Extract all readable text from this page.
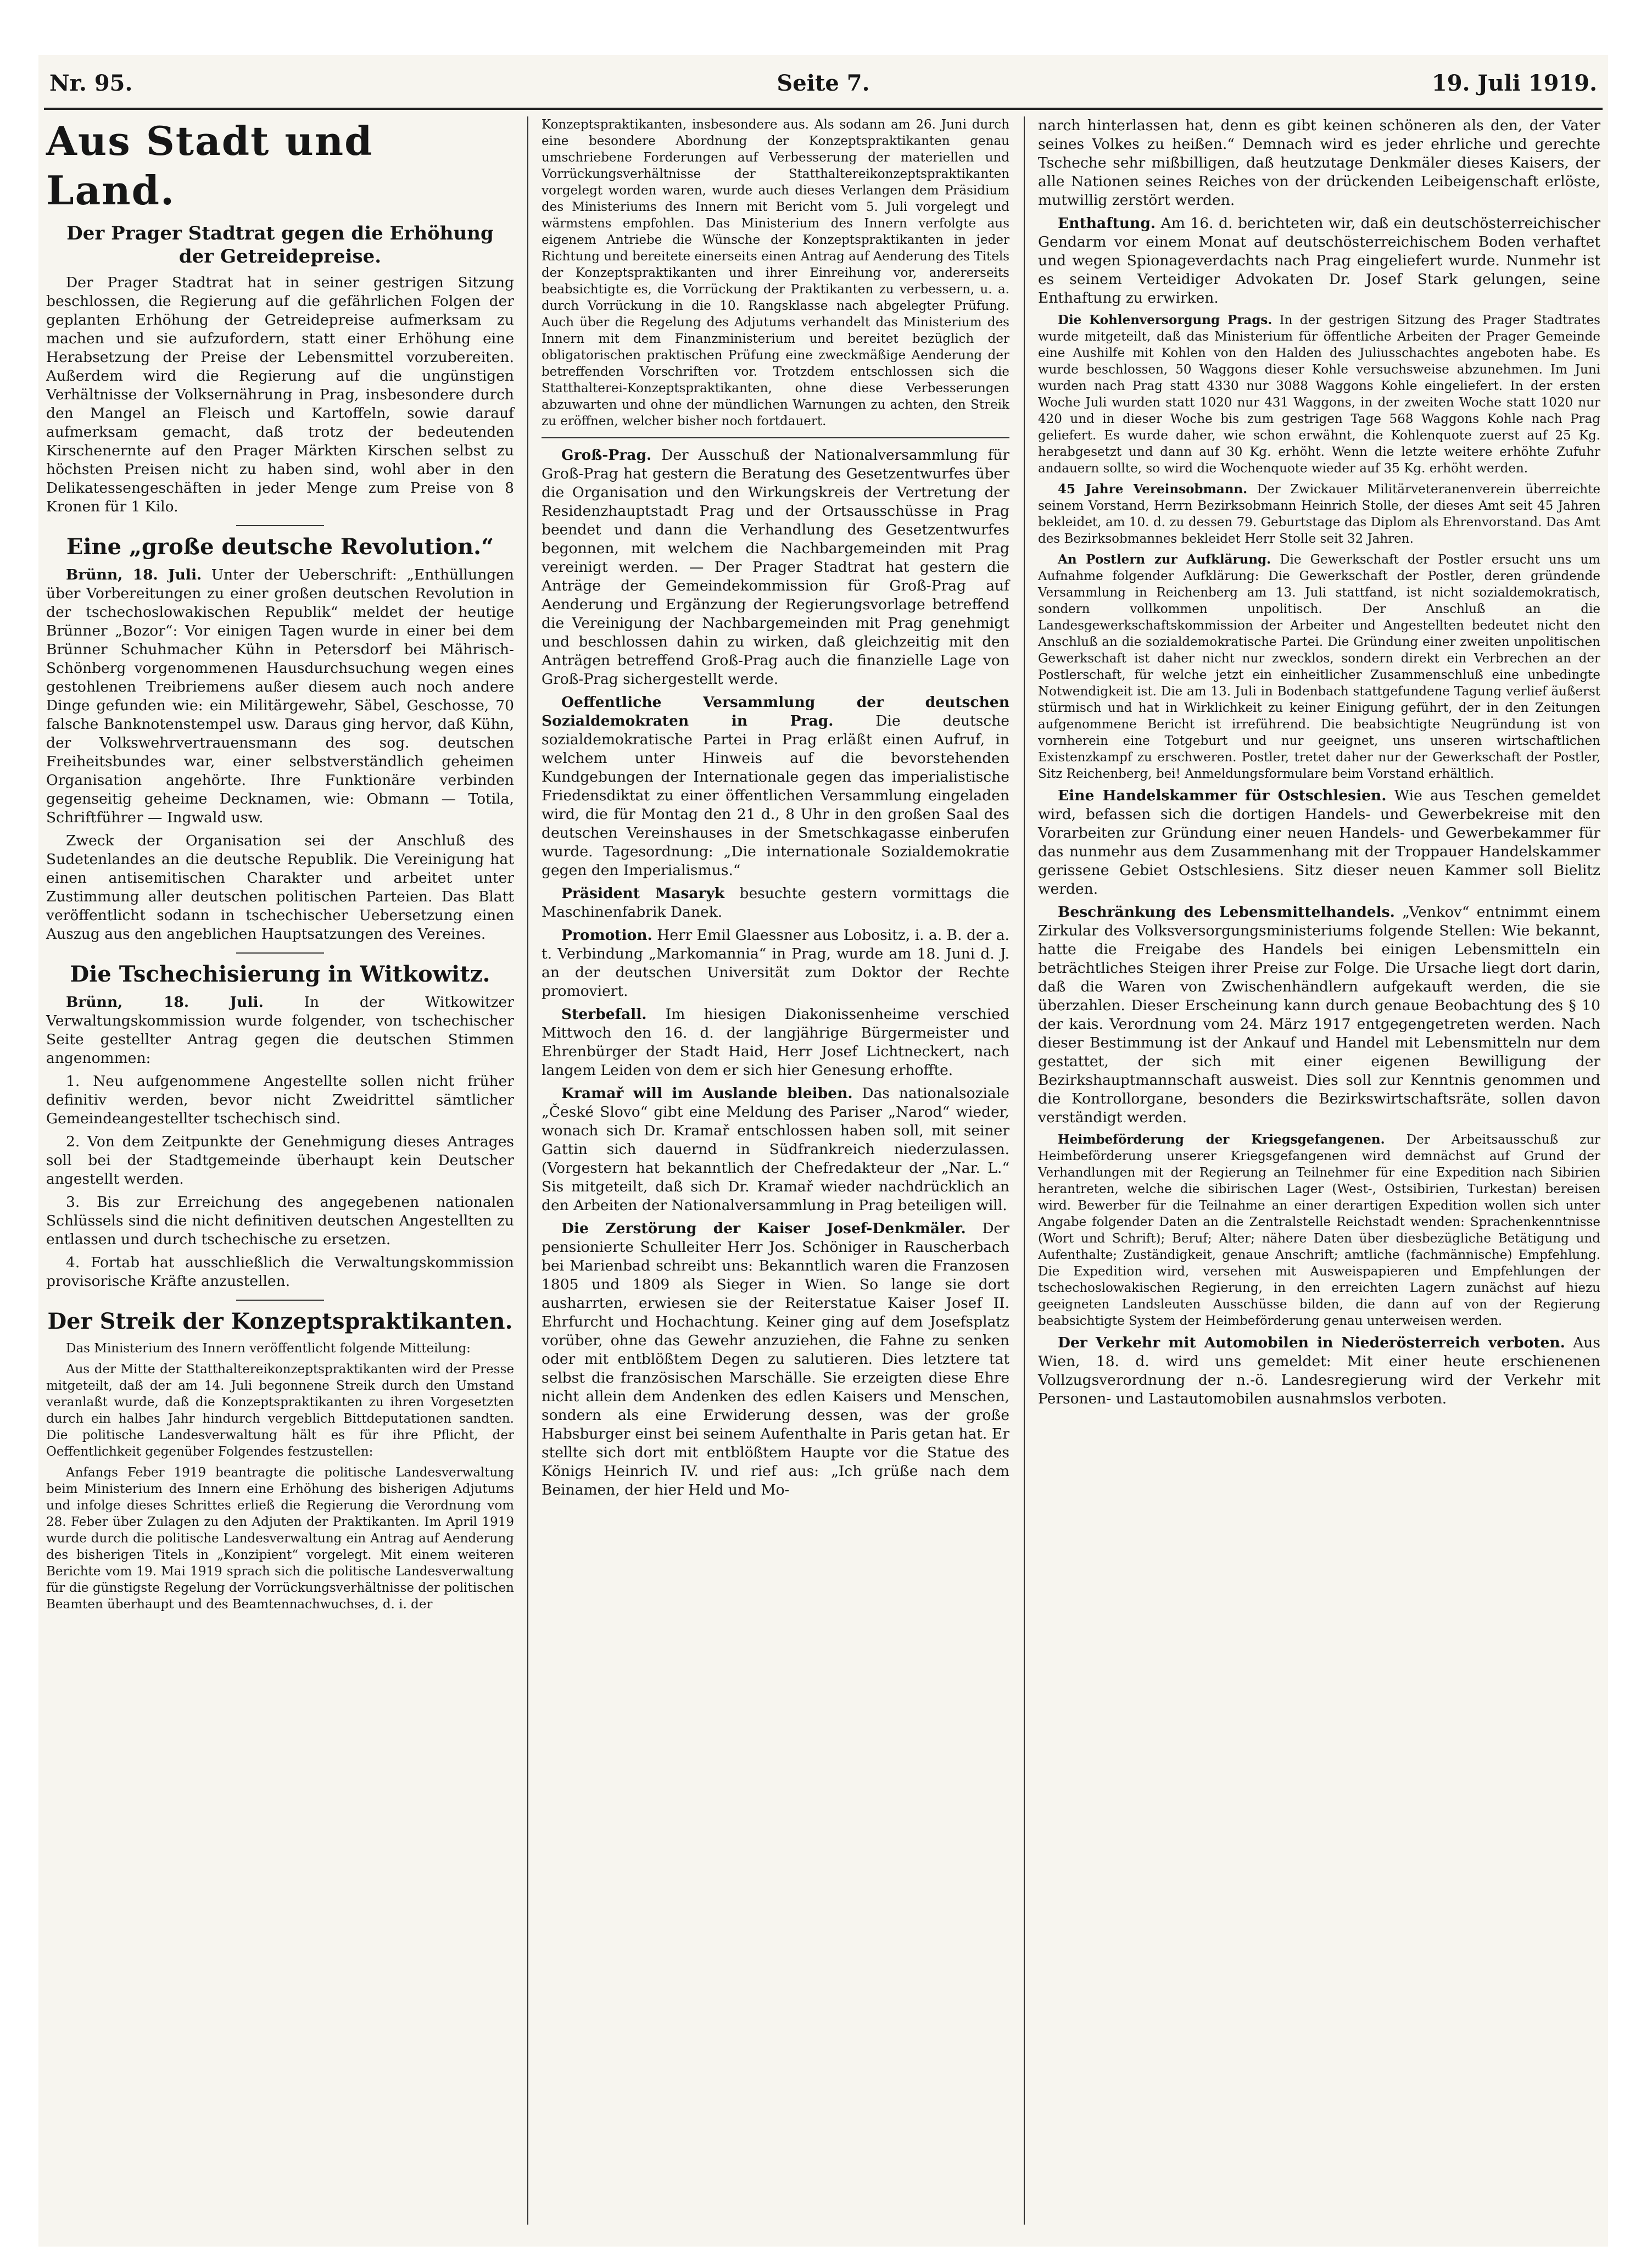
Nr. 95.	Seite 7.	19. Juli 1919.
Aus Stadt und Land.
Der Prager Stadtrat gegen die Erhöhung der Getreidepreise.

Der Prager Stadtrat hat in seiner gestrigen Sitzung beschlossen, die Regierung auf die gefährlichen Folgen der geplanten Erhöhung der Getreidepreise aufmerksam zu machen und sie aufzufordern, statt einer Erhöhung eine Herabsetzung der Preise der Lebensmittel vorzubereiten. Außerdem wird die Regierung auf die ungünstigen Verhältnisse der Volksernährung in Prag, insbesondere durch den Mangel an Fleisch und Kartoffeln, sowie darauf aufmerksam gemacht, daß trotz der bedeutenden Kirschenernte auf den Prager Märkten Kirschen selbst zu höchsten Preisen nicht zu haben sind, wohl aber in den Delikatessengeschäften in jeder Menge zum Preise von 8 Kronen für 1 Kilo.

Eine „große deutsche Revolution.“

Brünn, 18. Juli. Unter der Ueberschrift: „Enthüllungen über Vorbereitungen zu einer großen deutschen Revolution in der tschechoslowakischen Republik“ meldet der heutige Brünner „Bozor“: Vor einigen Tagen wurde in einer bei dem Brünner Schuhmacher Kühn in Petersdorf bei Mährisch-Schönberg vorgenommenen Hausdurchsuchung wegen eines gestohlenen Treibriemens außer diesem auch noch andere Dinge gefunden wie: ein Militärgewehr, Säbel, Geschosse, 70 falsche Banknotenstempel usw. Daraus ging hervor, daß Kühn, der Volkswehrvertrauensmann des sog. deutschen Freiheitsbundes war, einer selbstverständlich geheimen Organisation angehörte. Ihre Funktionäre verbinden gegenseitig geheime Decknamen, wie: Obmann — Totila, Schriftführer — Ingwald usw.

Zweck der Organisation sei der Anschluß des Sudetenlandes an die deutsche Republik. Die Vereinigung hat einen antisemitischen Charakter und arbeitet unter Zustimmung aller deutschen politischen Parteien. Das Blatt veröffentlicht sodann in tschechischer Uebersetzung einen Auszug aus den angeblichen Hauptsatzungen des Vereines.

Die Tschechisierung in Witkowitz.

Brünn, 18. Juli.	In der Witkowitzer Verwaltungskommission wurde folgender, von tschechischer Seite gestellter Antrag gegen die deutschen Stimmen angenommen:

1. Neu aufgenommene Angestellte sollen nicht früher definitiv werden, bevor nicht Zweidrittel sämtlicher Gemeindeangestellter tschechisch sind.

2. Von dem Zeitpunkte der Genehmigung dieses Antrages soll bei der Stadtgemeinde überhaupt kein Deutscher angestellt werden.

3. Bis zur Erreichung des angegebenen nationalen Schlüssels sind die nicht definitiven deutschen Angestellten zu entlassen und durch tschechische zu ersetzen.

4. Fortab hat ausschließlich die Verwaltungskommission provisorische Kräfte anzustellen.

Der Streik der Konzeptspraktikanten.

Das Ministerium des Innern veröffentlicht folgende Mitteilung:

Aus der Mitte der Statthaltereikonzeptspraktikanten wird der Presse mitgeteilt, daß der am 14. Juli begonnene Streik durch den Umstand veranlaßt wurde, daß die Konzeptspraktikanten zu ihren Vorgesetzten durch ein halbes Jahr hindurch vergeblich Bittdeputationen sandten. Die politische Landesverwaltung hält es für ihre Pflicht, der Oeffentlichkeit gegenüber Folgendes festzustellen:

Anfangs Feber 1919 beantragte die politische Landesverwaltung beim Ministerium des Innern eine Erhöhung des bisherigen Adjutums und infolge dieses Schrittes erließ die Regierung die Verordnung vom 28. Feber über Zulagen zu den Adjuten der Praktikanten. Im April 1919 wurde durch die politische Landesverwaltung ein Antrag auf Aenderung des bisherigen Titels in „Konzipient“ vorgelegt. Mit einem weiteren Berichte vom 19. Mai 1919 sprach sich die politische Landesverwaltung für die günstigste Regelung der Vorrückungsverhältnisse der politischen Beamten überhaupt und des Beamtennachwuchses, d. i. der

Konzeptspraktikanten, insbesondere aus. Als sodann am 26. Juni durch eine besondere Abordnung der Konzeptspraktikanten genau umschriebene Forderungen auf Verbesserung der materiellen und Vorrückungsverhältnisse der Statthaltereikonzeptspraktikanten vorgelegt worden waren, wurde auch dieses Verlangen dem Präsidium des Ministeriums des Innern mit Bericht vom 5. Juli vorgelegt und wärmstens empfohlen. Das Ministerium des Innern verfolgte aus eigenem Antriebe die Wünsche der Konzeptspraktikanten in jeder Richtung und bereitete einerseits einen Antrag auf Aenderung des Titels der Konzeptspraktikanten und ihrer Einreihung vor, andererseits beabsichtigte es, die Vorrückung der Praktikanten zu verbessern, u. a. durch Vorrückung in die 10. Rangsklasse nach abgelegter Prüfung. Auch über die Regelung des Adjutums verhandelt das Ministerium des Innern mit dem Finanzministerium und bereitet bezüglich der obligatorischen praktischen Prüfung eine zweckmäßige Aenderung der betreffenden Vorschriften vor. Trotzdem entschlossen sich die Statthalterei-Konzeptspraktikanten, ohne diese Verbesserungen abzuwarten und ohne der mündlichen Warnungen zu achten, den Streik zu eröffnen, welcher bisher noch fortdauert.

Groß-Prag. Der Ausschuß der Nationalversammlung für Groß-Prag hat gestern die Beratung des Gesetzentwurfes über die Organisation und den Wirkungskreis der Vertretung der Residenzhauptstadt Prag und der Ortsausschüsse in Prag beendet und dann die Verhandlung des Gesetzentwurfes begonnen, mit welchem die Nachbargemeinden mit Prag vereinigt werden. — Der Prager Stadtrat hat gestern die Anträge der Gemeindekommission für Groß-Prag auf Aenderung und Ergänzung der Regierungsvorlage betreffend die Vereinigung der Nachbargemeinden mit Prag genehmigt und beschlossen dahin zu wirken, daß gleichzeitig mit den Anträgen betreffend Groß-Prag auch die finanzielle Lage von Groß-Prag sichergestellt werde.

Oeffentliche Versammlung der deutschen Sozialdemokraten in Prag.	Die deutsche sozialdemokratische Partei in Prag erläßt einen Aufruf, in welchem unter Hinweis auf die bevorstehenden Kundgebungen der Internationale gegen das imperialistische Friedensdiktat zu einer öffentlichen Versammlung eingeladen wird, die für Montag den 21 d., 8 Uhr in den großen Saal des deutschen Vereinshauses in der Smetschkagasse einberufen wurde. Tagesordnung: „Die internationale Sozialdemokratie gegen den Imperialismus.“

Präsident Masaryk besuchte gestern vormittags die Maschinenfabrik Danek.

Promotion. Herr Emil Glaessner aus Lobositz, i. a. B. der a. t. Verbindung „Markomannia“ in Prag, wurde am 18. Juni d. J. an der deutschen Universität zum Doktor der Rechte promoviert.

Sterbefall. Im hiesigen Diakonissenheime verschied Mittwoch den 16. d. der langjährige Bürgermeister und Ehrenbürger der Stadt Haid, Herr Josef Lichtneckert, nach langem Leiden von dem er sich hier Genesung erhoffte.

Kramař will im Auslande bleiben. Das nationalsoziale „České Slovo“ gibt eine Meldung des Pariser „Narod“ wieder, wonach sich Dr. Kramař entschlossen haben soll, mit seiner Gattin sich dauernd in Südfrankreich niederzulassen. (Vorgestern hat bekanntlich der Chefredakteur der „Nar. L.“ Sis mitgeteilt, daß sich Dr. Kramař wieder nachdrücklich an den Arbeiten der Nationalversammlung in Prag beteiligen will.

Die Zerstörung der Kaiser Josef-Denkmäler. Der pensionierte Schulleiter Herr Jos. Schöniger in Rauscherbach bei Marienbad schreibt uns: Bekanntlich waren die Franzosen 1805 und 1809 als Sieger in Wien. So lange sie dort ausharrten, erwiesen sie der Reiterstatue Kaiser Josef II. Ehrfurcht und Hochachtung. Keiner ging auf dem Josefsplatz vorüber, ohne das Gewehr anzuziehen, die Fahne zu senken oder mit entblößtem Degen zu salutieren. Dies letztere tat selbst die französischen Marschälle. Sie erzeigten diese Ehre nicht allein dem Andenken des edlen Kaisers und Menschen, sondern als eine Erwiderung dessen, was der große Habsburger einst bei seinem Aufenthalte in Paris getan hat. Er stellte sich dort mit entblößtem Haupte vor die Statue des Königs Heinrich IV. und rief aus: „Ich grüße nach dem Beinamen, der hier Held und Mo-

narch hinterlassen hat, denn es gibt keinen schöneren als den, der Vater seines Volkes zu heißen.“ Demnach wird es jeder ehrliche und gerechte Tscheche sehr mißbilligen, daß heutzutage Denkmäler dieses Kaisers, der alle Nationen seines Reiches von der drückenden Leibeigenschaft erlöste, mutwillig zerstört werden.

Enthaftung. Am 16. d. berichteten wir, daß ein deutschösterreichischer Gendarm vor einem Monat auf deutschösterreichischem Boden verhaftet und wegen Spionageverdachts nach Prag eingeliefert wurde. Nunmehr ist es seinem Verteidiger Advokaten Dr. Josef Stark gelungen, seine Enthaftung zu erwirken.

Die Kohlenversorgung Prags. In der gestrigen Sitzung des Prager Stadtrates wurde mitgeteilt, daß das Ministerium für öffentliche Arbeiten der Prager Gemeinde eine Aushilfe mit Kohlen von den Halden des Juliusschachtes angeboten habe. Es wurde beschlossen, 50 Waggons dieser Kohle versuchsweise abzunehmen. Im Juni wurden nach Prag statt 4330 nur 3088 Waggons Kohle eingeliefert. In der ersten Woche Juli wurden statt 1020 nur 431 Waggons, in der zweiten Woche statt 1020 nur 420 und in dieser Woche bis zum gestrigen Tage 568 Waggons Kohle nach Prag geliefert. Es wurde daher, wie schon erwähnt, die Kohlenquote zuerst auf 25 Kg. herabgesetzt und dann auf 30 Kg. erhöht. Wenn die letzte weitere erhöhte Zufuhr andauern sollte, so wird die Wochenquote wieder auf 35 Kg. erhöht werden.

45 Jahre Vereinsobmann. Der Zwickauer Militärveteranenverein überreichte seinem Vorstand, Herrn Bezirksobmann Heinrich Stolle, der dieses Amt seit 45 Jahren bekleidet, am 10. d. zu dessen 79. Geburtstage das Diplom als Ehrenvorstand. Das Amt des Bezirksobmannes bekleidet Herr Stolle seit 32 Jahren.

An Postlern zur Aufklärung. Die Gewerkschaft der Postler ersucht uns um Aufnahme folgender Aufklärung: Die Gewerkschaft der Postler, deren gründende Versammlung in Reichenberg am 13. Juli stattfand, ist nicht sozialdemokratisch, sondern vollkommen unpolitisch. Der Anschluß an die Landesgewerkschaftskommission der Arbeiter und Angestellten bedeutet nicht den Anschluß an die sozialdemokratische Partei. Die Gründung einer zweiten unpolitischen Gewerkschaft ist daher nicht nur zwecklos, sondern direkt ein Verbrechen an der Postlerschaft, für welche jetzt ein einheitlicher Zusammenschluß eine unbedingte Notwendigkeit ist. Die am 13. Juli in Bodenbach stattgefundene Tagung verlief äußerst stürmisch und hat in Wirklichkeit zu keiner Einigung geführt, der in den Zeitungen aufgenommene Bericht ist irreführend. Die beabsichtigte Neugründung ist von vornherein eine Totgeburt und nur geeignet, uns unseren wirtschaftlichen Existenzkampf zu erschweren. Postler, tretet daher nur der Gewerkschaft der Postler, Sitz Reichenberg, bei! Anmeldungsformulare beim Vorstand erhältlich.

Eine Handelskammer für Ostschlesien. Wie aus Teschen gemeldet wird, befassen sich die dortigen Handels- und Gewerbekreise mit den Vorarbeiten zur Gründung einer neuen Handels- und Gewerbekammer für das nunmehr aus dem Zusammenhang mit der Troppauer Handelskammer gerissene Gebiet Ostschlesiens. Sitz dieser neuen Kammer soll Bielitz werden.

Beschränkung des Lebensmittelhandels. „Venkov“ entnimmt einem Zirkular des Volksversorgungsministeriums folgende Stellen: Wie bekannt, hatte die Freigabe des Handels bei einigen Lebensmitteln ein beträchtliches Steigen ihrer Preise zur Folge. Die Ursache liegt dort darin, daß die Waren von Zwischenhändlern aufgekauft werden, die sie überzahlen. Dieser Erscheinung kann durch genaue Beobachtung des § 10 der kais. Verordnung vom 24. März 1917 entgegengetreten werden. Nach dieser Bestimmung ist der Ankauf und Handel mit Lebensmitteln nur dem gestattet, der sich mit einer eigenen Bewilligung der Bezirkshauptmannschaft ausweist. Dies soll zur Kenntnis genommen und die Kontrollorgane, besonders die Bezirkswirtschaftsräte, sollen davon verständigt werden.

Heimbeförderung der Kriegsgefangenen. Der Arbeitsausschuß zur Heimbeförderung unserer Kriegsgefangenen wird demnächst auf Grund der Verhandlungen mit der Regierung an Teilnehmer für eine Expedition nach Sibirien herantreten, welche die sibirischen Lager (West-, Ostsibirien, Turkestan) bereisen wird. Bewerber für die Teilnahme an einer derartigen Expedition wollen sich unter Angabe folgender Daten an die Zentralstelle Reichstadt wenden: Sprachenkenntnisse (Wort und Schrift); Beruf; Alter; nähere Daten über diesbezügliche Betätigung und Aufenthalte; Zuständigkeit, genaue Anschrift; amtliche (fachmännische) Empfehlung. Die Expedition wird, versehen mit Ausweispapieren und Empfehlungen der tschechoslowakischen Regierung, in den erreichten Lagern zunächst auf hiezu geeigneten Landsleuten Ausschüsse bilden, die dann auf von der Regierung beabsichtigte System der Heimbeförderung genau unterweisen werden.

Der Verkehr mit Automobilen in Niederösterreich verboten. Aus Wien, 18. d. wird uns gemeldet: Mit einer heute erschienenen Vollzugsverordnung der n.-ö. Landesregierung wird der Verkehr mit Personen- und Lastautomobilen ausnahmslos verboten.
